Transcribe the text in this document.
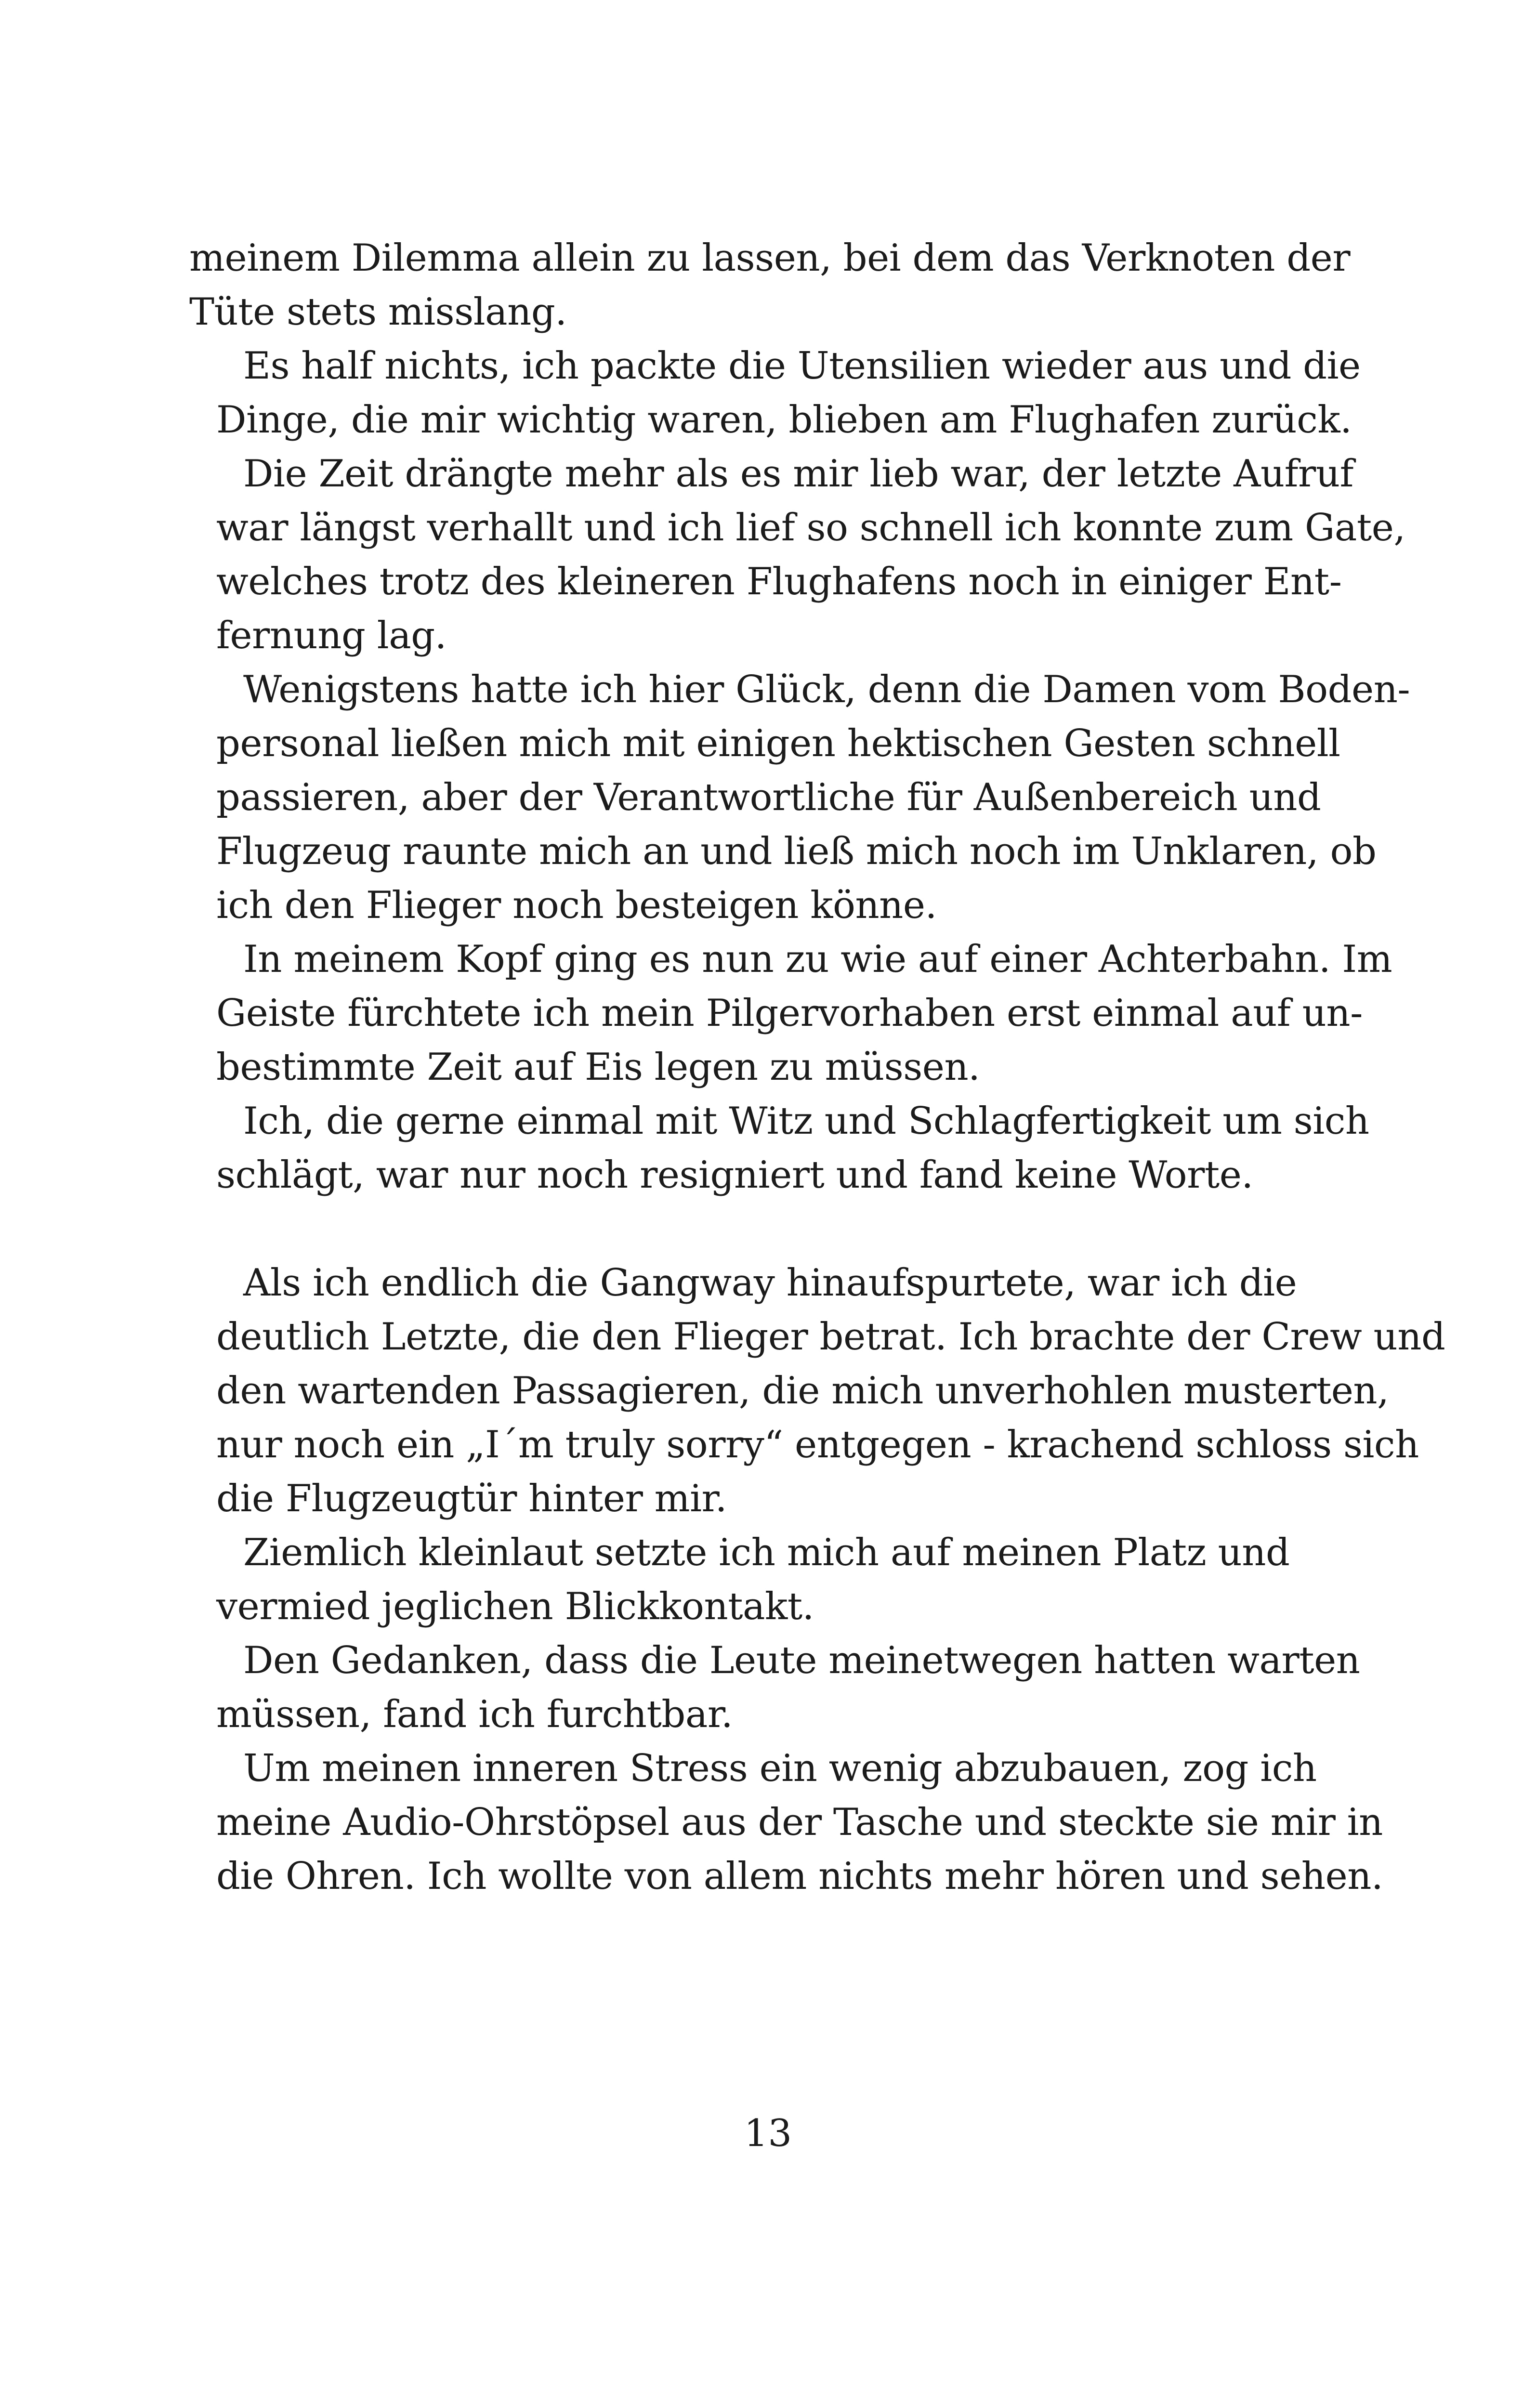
meinem Dilemma allein zu lassen, bei dem das Verknoten der
Tüte stets misslang.
Es half nichts, ich packte die Utensilien wieder aus und die
Dinge, die mir wichtig waren, blieben am Flughafen zurück.
Die Zeit drängte mehr als es mir lieb war, der letzte Aufruf
war längst verhallt und ich lief so schnell ich konnte zum Gate,
welches trotz des kleineren Flughafens noch in einiger Ent-
fernung lag.
Wenigstens hatte ich hier Glück, denn die Damen vom Boden-
personal ließen mich mit einigen hektischen Gesten schnell
passieren, aber der Verantwortliche für Außenbereich und
Flugzeug raunte mich an und ließ mich noch im Unklaren, ob
ich den Flieger noch besteigen könne.
In meinem Kopf ging es nun zu wie auf einer Achterbahn. Im
Geiste fürchtete ich mein Pilgervorhaben erst einmal auf un-
bestimmte Zeit auf Eis legen zu müssen.
Ich, die gerne einmal mit Witz und Schlagfertigkeit um sich
schlägt, war nur noch resigniert und fand keine Worte.
Als ich endlich die Gangway hinaufspurtete, war ich die
deutlich Letzte, die den Flieger betrat. Ich brachte der Crew und
den wartenden Passagieren, die mich unverhohlen musterten,
nur noch ein „I´m truly sorry“ entgegen - krachend schloss sich
die Flugzeugtür hinter mir.
Ziemlich kleinlaut setzte ich mich auf meinen Platz und
vermied jeglichen Blickkontakt.
Den Gedanken, dass die Leute meinetwegen hatten warten
müssen, fand ich furchtbar.
Um meinen inneren Stress ein wenig abzubauen, zog ich
meine Audio-Ohrstöpsel aus der Tasche und steckte sie mir in
die Ohren. Ich wollte von allem nichts mehr hören und sehen.
13
